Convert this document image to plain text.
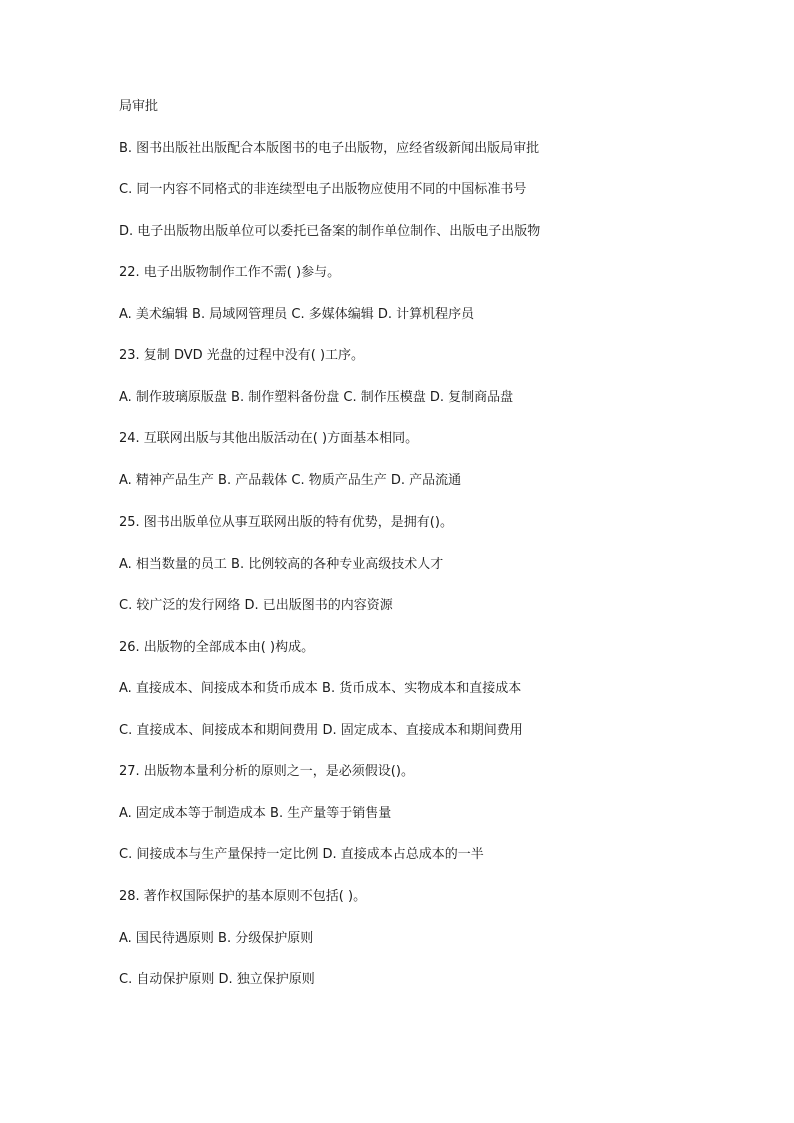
局审批
B. 图书出版社出版配合本版图书的电子出版物，应经省级新闻出版局审批
C. 同一内容不同格式的非连续型电子出版物应使用不同的中国标准书号
D. 电子出版物出版单位可以委托已备案的制作单位制作、出版电子出版物
22. 电子出版物制作工作不需( )参与。
A. 美术编辑 B. 局域网管理员 C. 多媒体编辑 D. 计算机程序员
23. 复制 DVD 光盘的过程中没有( )工序。
A. 制作玻璃原版盘 B. 制作塑料备份盘 C. 制作压模盘 D. 复制商品盘
24. 互联网出版与其他出版活动在( )方面基本相同。
A. 精神产品生产 B. 产品载体 C. 物质产品生产 D. 产品流通
25. 图书出版单位从事互联网出版的特有优势，是拥有()。
A. 相当数量的员工 B. 比例较高的各种专业高级技术人才
C. 较广泛的发行网络 D. 已出版图书的内容资源
26. 出版物的全部成本由( )构成。
A. 直接成本、间接成本和货币成本 B. 货币成本、实物成本和直接成本
C. 直接成本、间接成本和期间费用 D. 固定成本、直接成本和期间费用
27. 出版物本量利分析的原则之一，是必须假设()。
A. 固定成本等于制造成本 B. 生产量等于销售量
C. 间接成本与生产量保持一定比例 D. 直接成本占总成本的一半
28. 著作权国际保护的基本原则不包括( )。
A. 国民待遇原则 B. 分级保护原则
C. 自动保护原则 D. 独立保护原则
